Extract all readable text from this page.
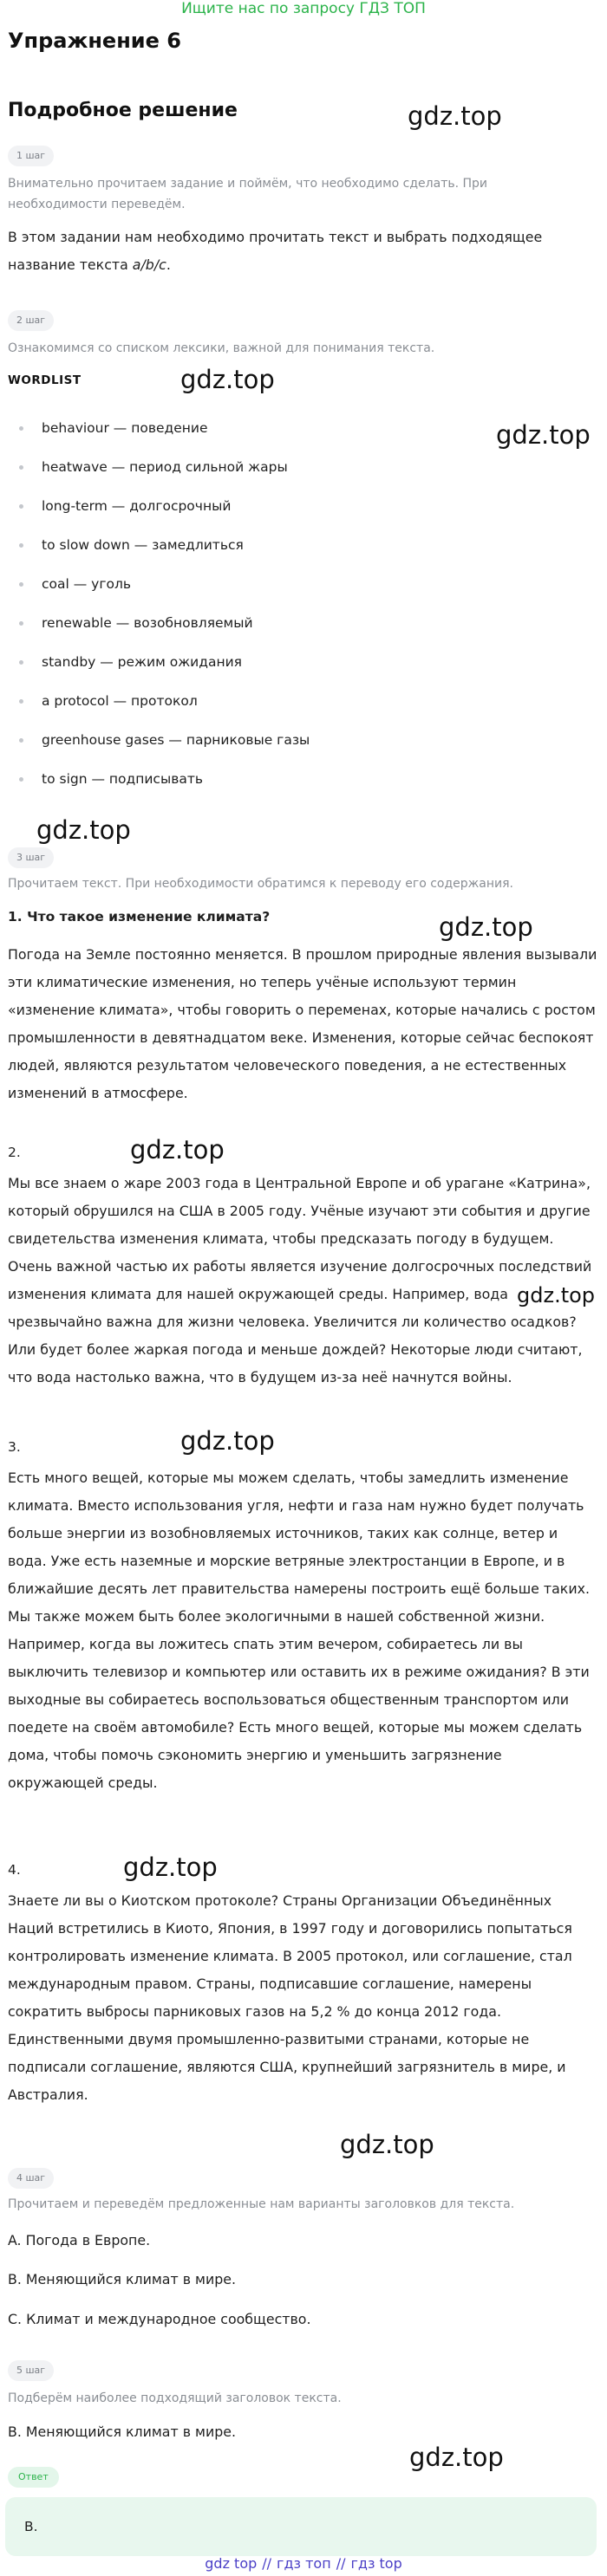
Ищите нас по запросу ГДЗ ТОП
Упражнение 6
Подробное решение	gdz.top
gdz.top
gdz.top
gdz.top
gdz.top
gdz.top
gdz.top
gdz.top
gdz.top
gdz.top
gdz.top
1 шаг
Внимательно прочитаем задание и поймём, что необходимо сделать. При необходимости переведём.
В этом задании нам необходимо прочитать текст и выбрать подходящее название текста a/b/c.
2 шаг
Ознакомимся со списком лексики, важной для понимания текста.
WORDLIST
behaviour — поведение
heatwave — период сильной жары
long-term — долгосрочный
to slow down — замедлиться
coal — уголь
renewable — возобновляемый
standby — режим ожидания
a protocol — протокол
greenhouse gases — парниковые газы
to sign — подписывать
3 шаг
Прочитаем текст. При необходимости обратимся к переводу его содержания.
1. Что такое изменение климата?
Погода на Земле постоянно меняется. В прошлом природные явления вызывали эти климатические изменения, но теперь учёные используют термин «изменение климата», чтобы говорить о переменах, которые начались с ростом промышленности в девятнадцатом веке. Изменения, которые сейчас беспокоят людей, являются результатом человеческого поведения, а не естественных изменений в атмосфере.
2.
Мы все знаем о жаре 2003 года в Центральной Европе и об урагане «Катрина», который обрушился на США в 2005 году. Учёные изучают эти события и другие свидетельства изменения климата, чтобы предсказать погоду в будущем. Очень важной частью их работы является изучение долгосрочных последствий изменения климата для нашей окружающей среды. Например, вода чрезвычайно важна для жизни человека. Увеличится ли количество осадков? Или будет более жаркая погода и меньше дождей? Некоторые люди считают, что вода настолько важна, что в будущем из-за неё начнутся войны.
3.
Есть много вещей, которые мы можем сделать, чтобы замедлить изменение климата. Вместо использования угля, нефти и газа нам нужно будет получать больше энергии из возобновляемых источников, таких как солнце, ветер и вода. Уже есть наземные и морские ветряные электростанции в Европе, и в ближайшие десять лет правительства намерены построить ещё больше таких. Мы также можем быть более экологичными в нашей собственной жизни. Например, когда вы ложитесь спать этим вечером, собираетесь ли вы выключить телевизор и компьютер или оставить их в режиме ожидания? В эти выходные вы собираетесь воспользоваться общественным транспортом или поедете на своём автомобиле? Есть много вещей, которые мы можем сделать дома, чтобы помочь сэкономить энергию и уменьшить загрязнение окружающей среды.
4.
Знаете ли вы о Киотском протоколе? Страны Организации Объединённых Наций встретились в Киото, Япония, в 1997 году и договорились попытаться контролировать изменение климата. В 2005 протокол, или соглашение, стал международным правом. Страны, подписавшие соглашение, намерены сократить выбросы парниковых газов на 5,2 % до конца 2012 года. Единственными двумя промышленно-развитыми странами, которые не подписали соглашение, являются США, крупнейший загрязнитель в мире, и Австралия.
4 шаг
Прочитаем и переведём предложенные нам варианты заголовков для текста.
A. Погода в Европе.
B. Меняющийся климат в мире.
C. Климат и международное сообщество.
5 шаг
Подберём наиболее подходящий заголовок текста.
B. Меняющийся климат в мире.
Ответ
B.
gdz top // гдз топ // гдз top
